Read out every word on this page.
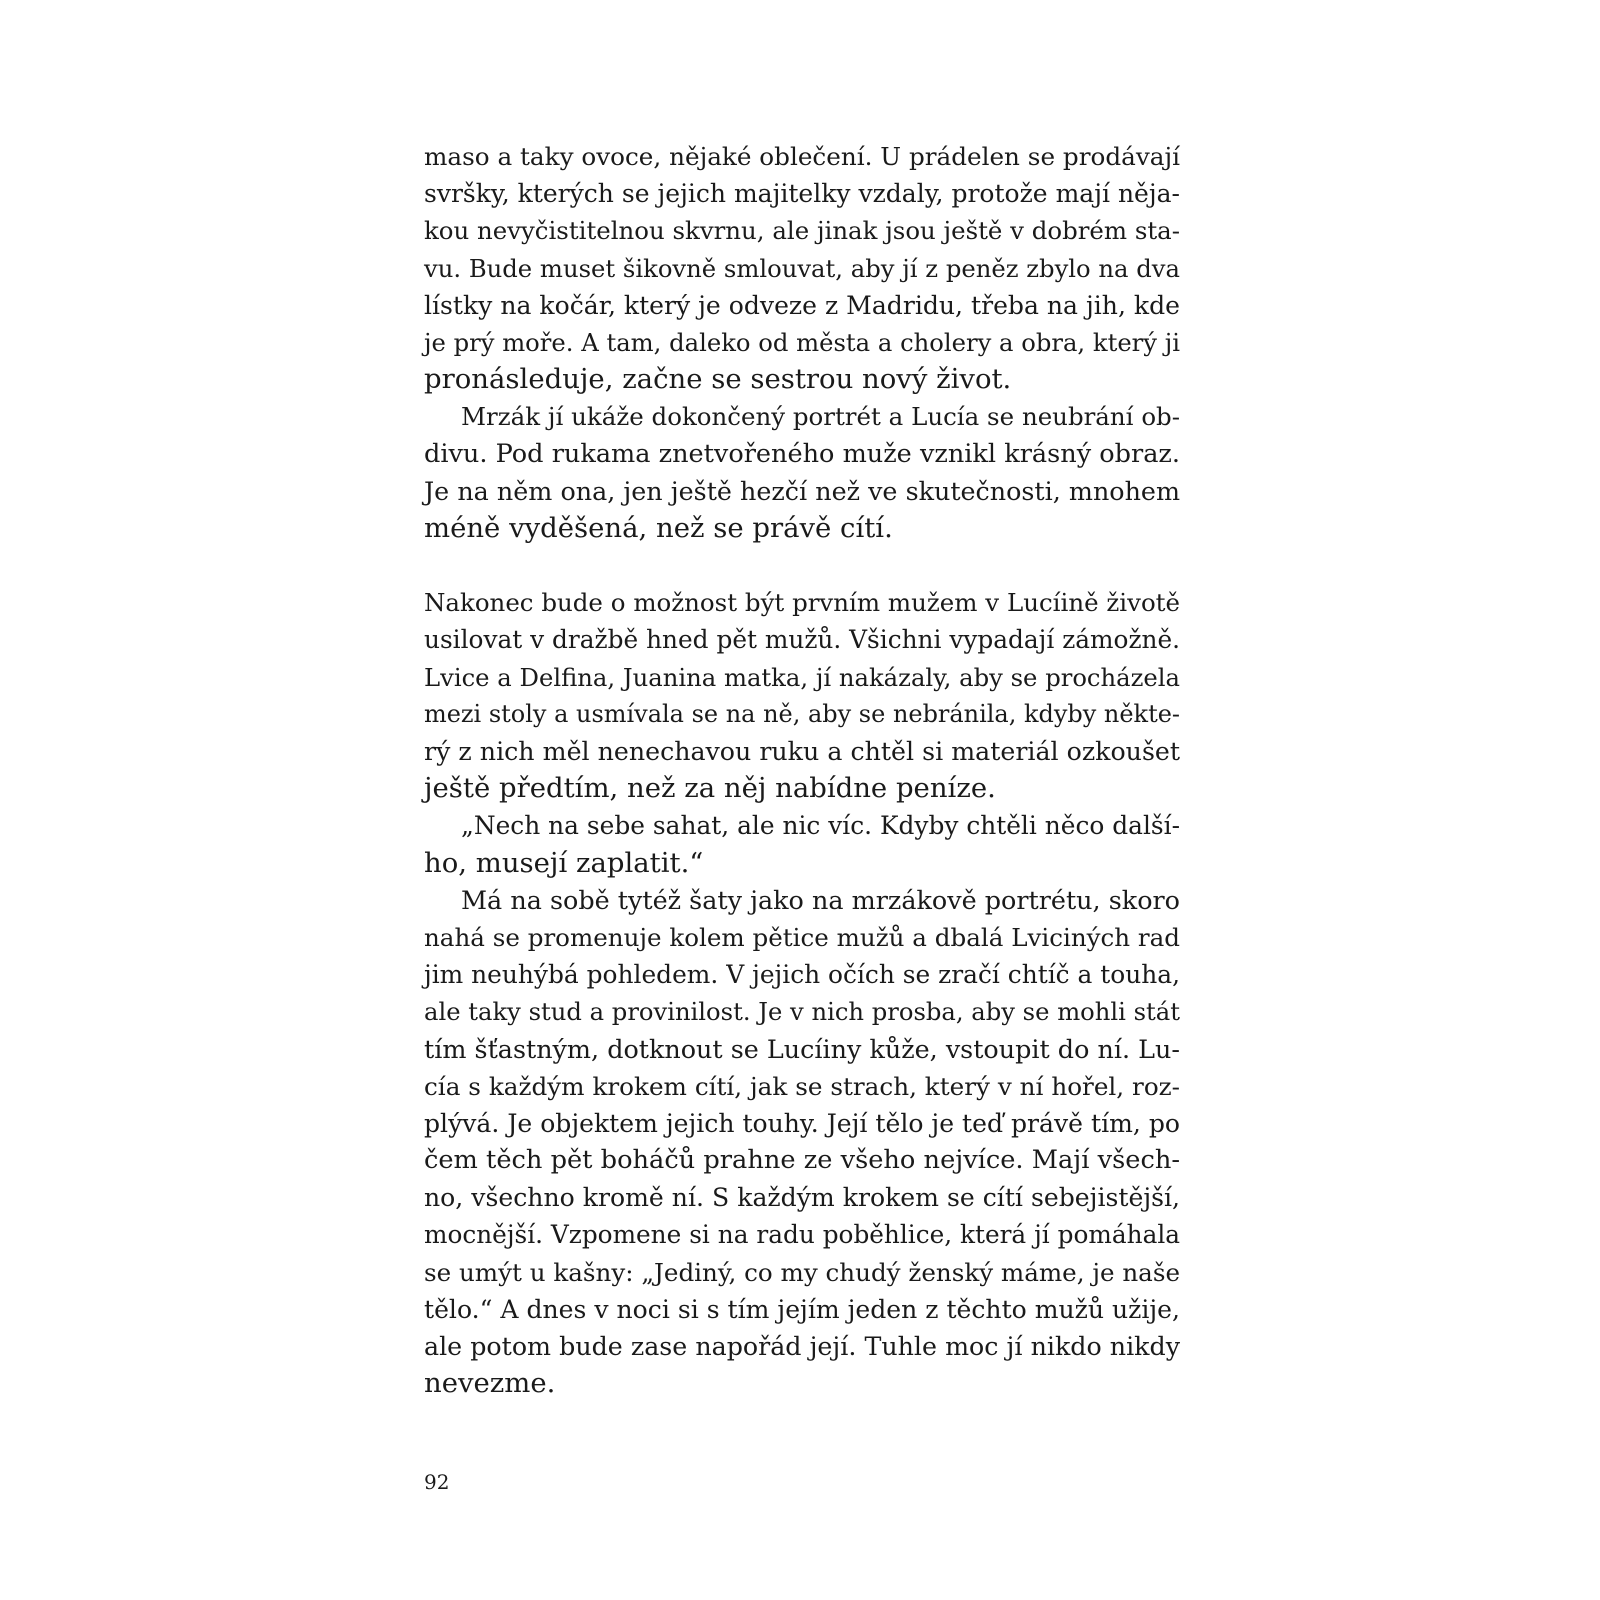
maso a taky ovoce, nějaké oblečení. U prádelen se prodávají
svršky, kterých se jejich majitelky vzdaly, protože mají něja-
kou nevyčistitelnou skvrnu, ale jinak jsou ještě v dobrém sta-
vu. Bude muset šikovně smlouvat, aby jí z peněz zbylo na dva
lístky na kočár, který je odveze z Madridu, třeba na jih, kde
je prý moře. A tam, daleko od města a cholery a obra, který ji
pronásleduje, začne se sestrou nový život.
Mrzák jí ukáže dokončený portrét a Lucía se neubrání ob-
divu. Pod rukama znetvořeného muže vznikl krásný obraz.
Je na něm ona, jen ještě hezčí než ve skutečnosti, mnohem
méně vyděšená, než se právě cítí.
Nakonec bude o možnost být prvním mužem v Lucíině životě
usilovat v dražbě hned pět mužů. Všichni vypadají zámožně.
Lvice a Delfina, Juanina matka, jí nakázaly, aby se procházela
mezi stoly a usmívala se na ně, aby se nebránila, kdyby někte-
rý z nich měl nenechavou ruku a chtěl si materiál ozkoušet
ještě předtím, než za něj nabídne peníze.
„Nech na sebe sahat, ale nic víc. Kdyby chtěli něco další-
ho, musejí zaplatit.“
Má na sobě tytéž šaty jako na mrzákově portrétu, skoro
nahá se promenuje kolem pětice mužů a dbalá Lviciných rad
jim neuhýbá pohledem. V jejich očích se zračí chtíč a touha,
ale taky stud a provinilost. Je v nich prosba, aby se mohli stát
tím šťastným, dotknout se Lucíiny kůže, vstoupit do ní. Lu-
cía s každým krokem cítí, jak se strach, který v ní hořel, roz-
plývá. Je objektem jejich touhy. Její tělo je teď právě tím, po
čem těch pět boháčů prahne ze všeho nejvíce. Mají všech-
no, všechno kromě ní. S každým krokem se cítí sebejistější,
mocnější. Vzpomene si na radu poběhlice, která jí pomáhala
se umýt u kašny: „Jediný, co my chudý ženský máme, je naše
tělo.“ A dnes v noci si s tím jejím jeden z těchto mužů užije,
ale potom bude zase napořád její. Tuhle moc jí nikdo nikdy
nevezme.
92
